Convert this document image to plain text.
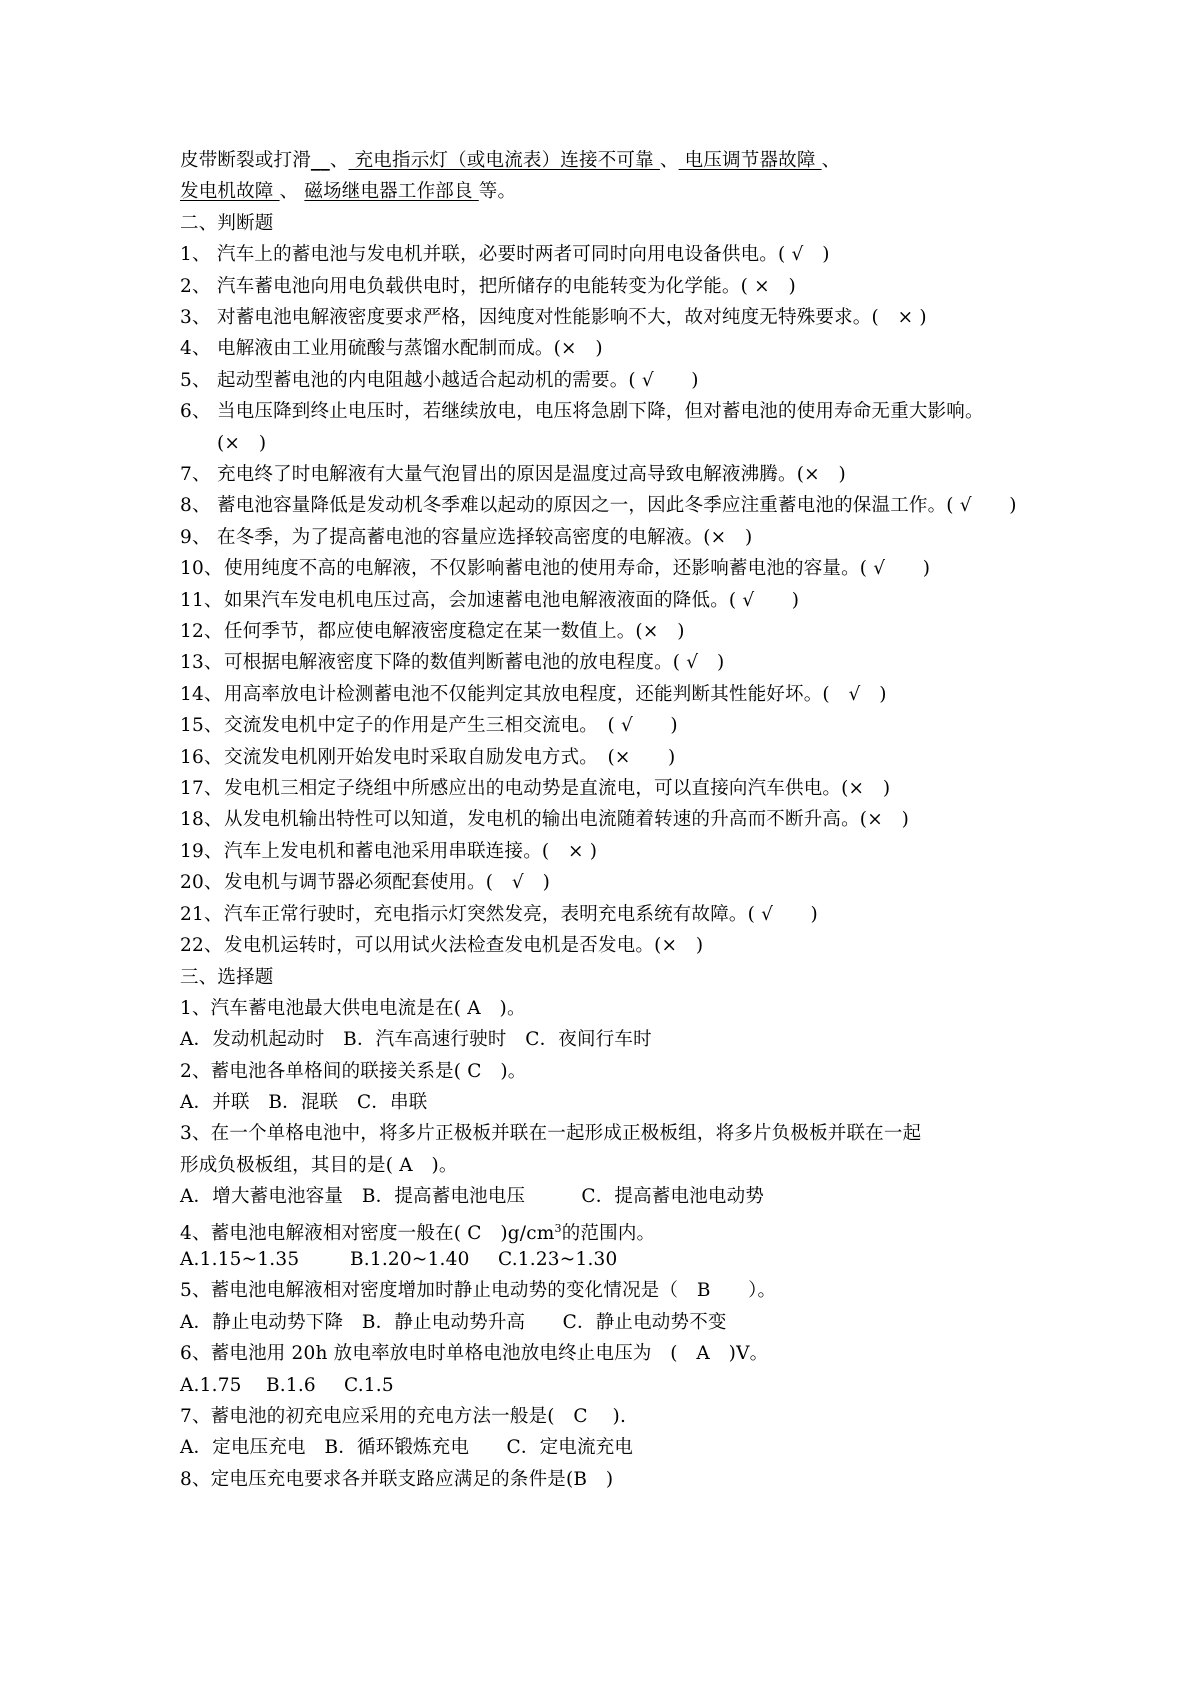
皮带断裂或打滑__、 充电指示灯（或电流表）连接不可靠 、 电压调节器故障 、
发电机故障 、 磁场继电器工作部良 等。
二、判断题
1、 汽车上的蓄电池与发电机并联，必要时两者可同时向用电设备供电。( √　)
2、 汽车蓄电池向用电负载供电时，把所储存的电能转变为化学能。( ×　)
3、 对蓄电池电解液密度要求严格，因纯度对性能影响不大，故对纯度无特殊要求。(　× )
4、 电解液由工业用硫酸与蒸馏水配制而成。(×　)
5、 起动型蓄电池的内电阻越小越适合起动机的需要。( √　　)
6、 当电压降到终止电压时，若继续放电，电压将急剧下降，但对蓄电池的使用寿命无重大影响。(×　)
7、 充电终了时电解液有大量气泡冒出的原因是温度过高导致电解液沸腾。(×　)
8、 蓄电池容量降低是发动机冬季难以起动的原因之一，因此冬季应注重蓄电池的保温工作。( √　　)
9、 在冬季，为了提高蓄电池的容量应选择较高密度的电解液。(×　)
10、 使用纯度不高的电解液，不仅影响蓄电池的使用寿命，还影响蓄电池的容量。( √　　)
11、 如果汽车发电机电压过高，会加速蓄电池电解液液面的降低。( √　　)
12、 任何季节，都应使电解液密度稳定在某一数值上。(×　)
13、 可根据电解液密度下降的数值判断蓄电池的放电程度。( √　)
14、 用高率放电计检测蓄电池不仅能判定其放电程度，还能判断其性能好坏。(　√　)
15、 交流发电机中定子的作用是产生三相交流电。　( √　　)
16、 交流发电机刚开始发电时采取自励发电方式。　(×　　)
17、 发电机三相定子绕组中所感应出的电动势是直流电，可以直接向汽车供电。(×　)
18、 从发电机输出特性可以知道，发电机的输出电流随着转速的升高而不断升高。(×　)
19、 汽车上发电机和蓄电池采用串联连接。(　× )
20、 发电机与调节器必须配套使用。(　√　)
21、 汽车正常行驶时，充电指示灯突然发亮，表明充电系统有故障。( √　　)
22、 发电机运转时，可以用试火法检查发电机是否发电。(×　)
三、选择题
1、汽车蓄电池最大供电电流是在( A　)。
A．发动机起动时　B．汽车高速行驶时　C．夜间行车时
2、蓄电池各单格间的联接关系是( C　)。
A．并联　B．混联　C．串联
3、在一个单格电池中，将多片正极板并联在一起形成正极板组，将多片负极板并联在一起
形成负极板组，其目的是( A　)。
A．增大蓄电池容量　B．提高蓄电池电压　　　C．提高蓄电池电动势
4、蓄电池电解液相对密度一般在( C　)$g/cm^3$的范围内。
A.1.15~1.35	B.1.20~1.40 C.1.23~1.30
5、蓄电池电解液相对密度增加时静止电动势的变化情况是（　B　　）。
A．静止电动势下降　B．静止电动势升高　　C．静止电动势不变
6、蓄电池用 20h 放电率放电时单格电池放电终止电压为　(　A　)V。
A.1.75 B.1.6 C.1.5
7、蓄电池的初充电应采用的充电方法一般是(　C　 ).
A．定电压充电　B．循环锻炼充电　　C．定电流充电
8、定电压充电要求各并联支路应满足的条件是(B　)
